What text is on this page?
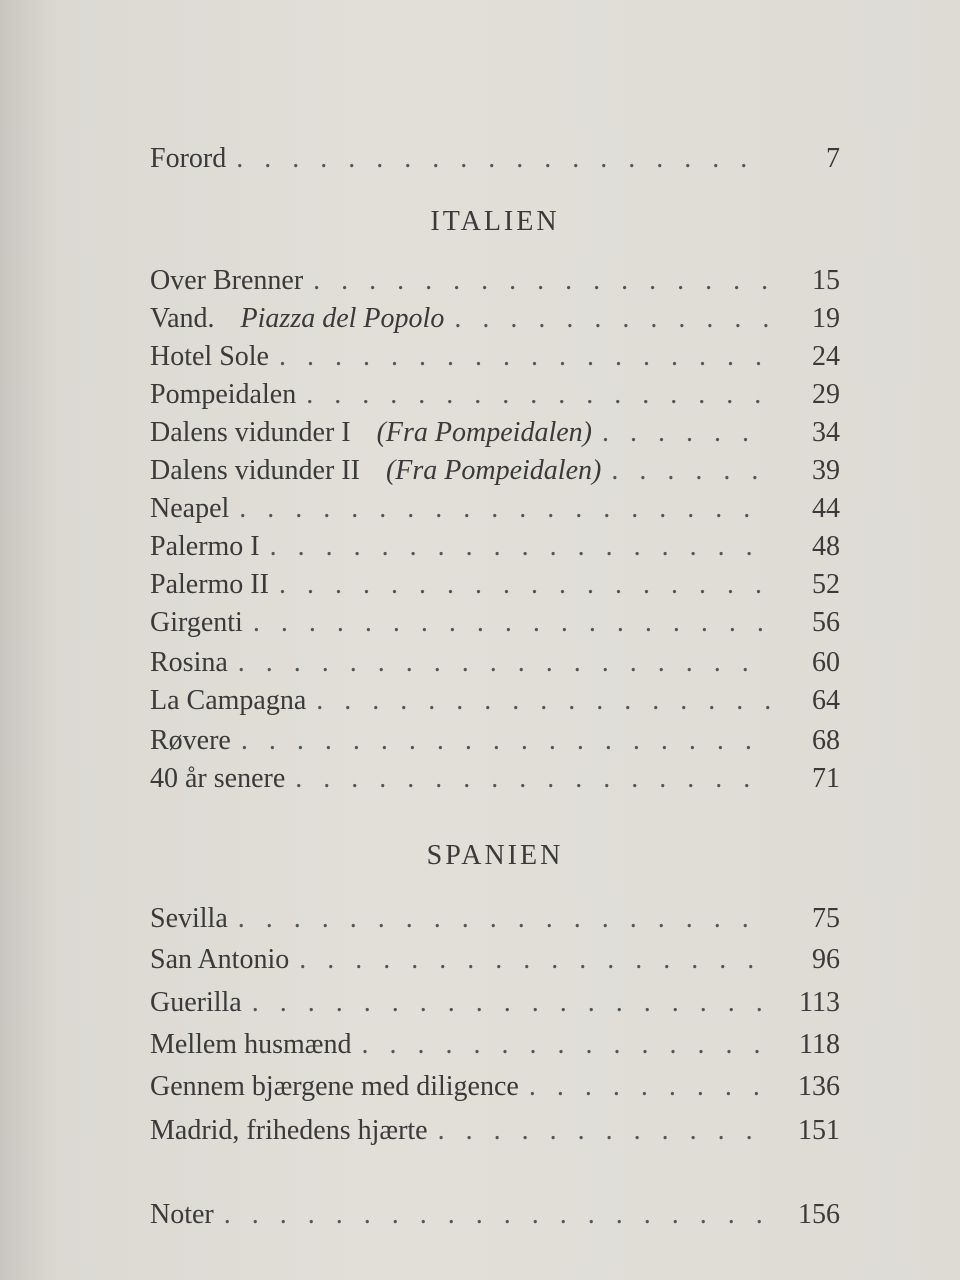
Forord . . .	7
ITALIEN
Over Brenner . . .	15
Vand. Piazza del Popolo . . .	19
Hotel Sole . . .	24
Pompeidalen . . .	29
Dalens vidunder I (Fra Pompeidalen) . . .	34
Dalens vidunder II (Fra Pompeidalen) . . .	39
Neapel . . .	44
Palermo I . . .	48
Palermo II . . .	52
Girgenti . . .	56
Rosina . . .	60
La Campagna . . .	64
Røvere . . .	68
40 år senere . . .	71
SPANIEN
Sevilla . . .	75
San Antonio . . .	96
Guerilla . . .	113
Mellem husmænd . . .	118
Gennem bjærgene med diligence . . .	136
Madrid, frihedens hjærte . . .	151
Noter . . .	156
